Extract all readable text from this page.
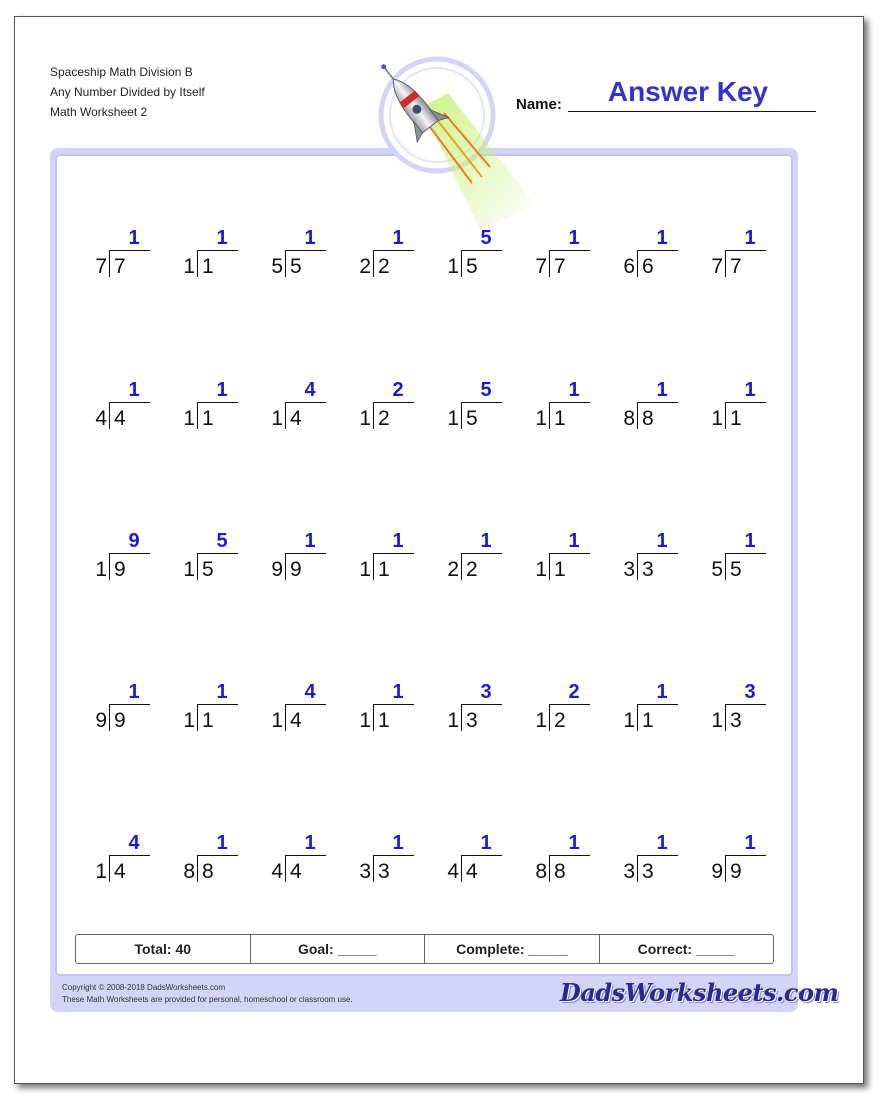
Spaceship Math Division B
Any Number Divided by Itself
Math Worksheet 2	Name:	Answer Key
1
7 7
1
1 1
1
5 5
1
2 2
5
1 5
1
7 7
1
6 6
1
7 7
1
4 4
1
1 1
4
1 4
2
1 2
5
1 5
1
1 1
1
8 8
1
1 1
9
1 9
5
1 5
1
9 9
1
1 1
1
2 2
1
1 1
1
3 3
1
5 5
1
9 9
1
1 1
4
1 4
1
1 1
3
1 3
2
1 2
1
1 1
3
1 3
4
1 4
1
8 8
1
4 4
1
3 3
1
4 4
1
8 8
1
3 3
1
9 9
Total: 40	Goal: _____	Complete: _____	Correct: _____
Copyright © 2008-2018 DadsWorksheets.com
These Math Worksheets are provided for personal, homeschool or classroom use.	DadsWorksheets.com
